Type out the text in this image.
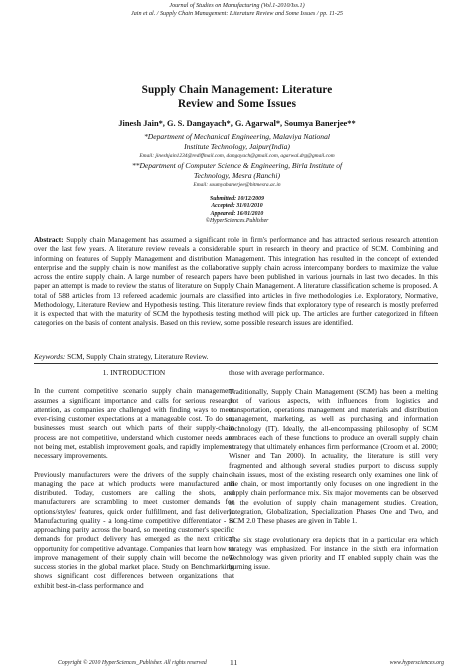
Journal of Studies on Manufacturing (Vol.1-2010/Iss.1)
Jain et al. / Supply Chain Management: Literature Review and Some Issues / pp. 11-25
Supply Chain Management: Literature
Review and Some Issues
Jinesh Jain*, G. S. Dangayach*, G. Agarwal*, Soumya Banerjee**
*Department of Mechanical Engineering, Malaviya National
Institute Technology, Jaipur(India)
Email: jineshjain1234@rediffmail.com, dangayach@gmail.com, agarwal.drg@gmail.com
**Department of Computer Science & Engineering, Birla Institute of
Technology, Mesra (Ranchi)
Email: soumyabanerjee@bitmesra.ac.in
Submitted: 10/12/2009
Accepted: 31/01/2010
Appeared: 16/01/2010
©HyperSciences.Publisher
Abstract: Supply chain Management has assumed a significant role in firm's performance and has attracted serious research attention over the last few years. A literature review reveals a considerable spurt in research in theory and practice of SCM. Combining and informing on features of Supply Management and distribution Management. This integration has resulted in the concept of extended enterprise and the supply chain is now manifest as the collaborative supply chain across intercompany borders to maximize the value across the entire supply chain. A large number of research papers have been published in various journals in last two decades. In this paper an attempt is made to review the status of literature on Supply Chain Management. A literature classification scheme is proposed. A total of 588 articles from 13 refereed academic journals are classified into articles in five methodologies i.e. Exploratory, Normative, Methodology, Literature Review and Hypothesis testing. This literature review finds that exploratory type of research is mostly preferred it is expected that with the maturity of SCM the hypothesis testing method will pick up. The articles are further categorized in fifteen categories on the basis of content analysis. Based on this review, some possible research issues are identified.
Keywords: SCM, Supply Chain strategy, Literature Review.

1. INTRODUCTION

In the current competitive scenario supply chain management assumes a significant importance and calls for serious research attention, as companies are challenged with finding ways to meet ever-rising customer expectations at a manageable cost. To do so, businesses must search out which parts of their supply-chain process are not competitive, understand which customer needs are not being met, establish improvement goals, and rapidly implement necessary improvements.

Previously manufacturers were the drivers of the supply chain - managing the pace at which products were manufactured and distributed. Today, customers are calling the shots, and manufacturers are scrambling to meet customer demands for options/styles/ features, quick order fulfillment, and fast delivery. Manufacturing quality - a long-time competitive differentiator - is approaching parity across the board, so meeting customer's specific demands for product delivery has emerged as the next critical opportunity for competitive advantage. Companies that learn how to improve management of their supply chain will become the new success stories in the global market place. Study on Benchmarking shows significant cost differences between organizations that exhibit best-in-class performance and

those with average performance.

Traditionally, Supply Chain Management (SCM) has been a melting pot of various aspects, with influences from logistics and transportation, operations management and materials and distribution management, marketing, as well as purchasing and information technology (IT). Ideally, the all-encompassing philosophy of SCM embraces each of these functions to produce an overall supply chain strategy that ultimately enhances firm performance (Croom et al. 2000; Wisner and Tan 2000). In actuality, the literature is still very fragmented and although several studies purport to discuss supply chain issues, most of the existing research only examines one link of the chain, or most importantly only focuses on one ingredient in the supply chain performance mix. Six major movements can be observed in the evolution of supply chain management studies. Creation, Integration, Globalization, Specialization Phases One and Two, and SCM 2.0 These phases are given in Table 1.

The six stage evolutionary era depicts that in a particular era which strategy was emphasized. For instance in the sixth era information Technology was given priority and IT enabled supply chain was the burning issue.

Copyright © 2010 HyperSciences_Publisher. All rights reserved	11	www.hypersciences.org
